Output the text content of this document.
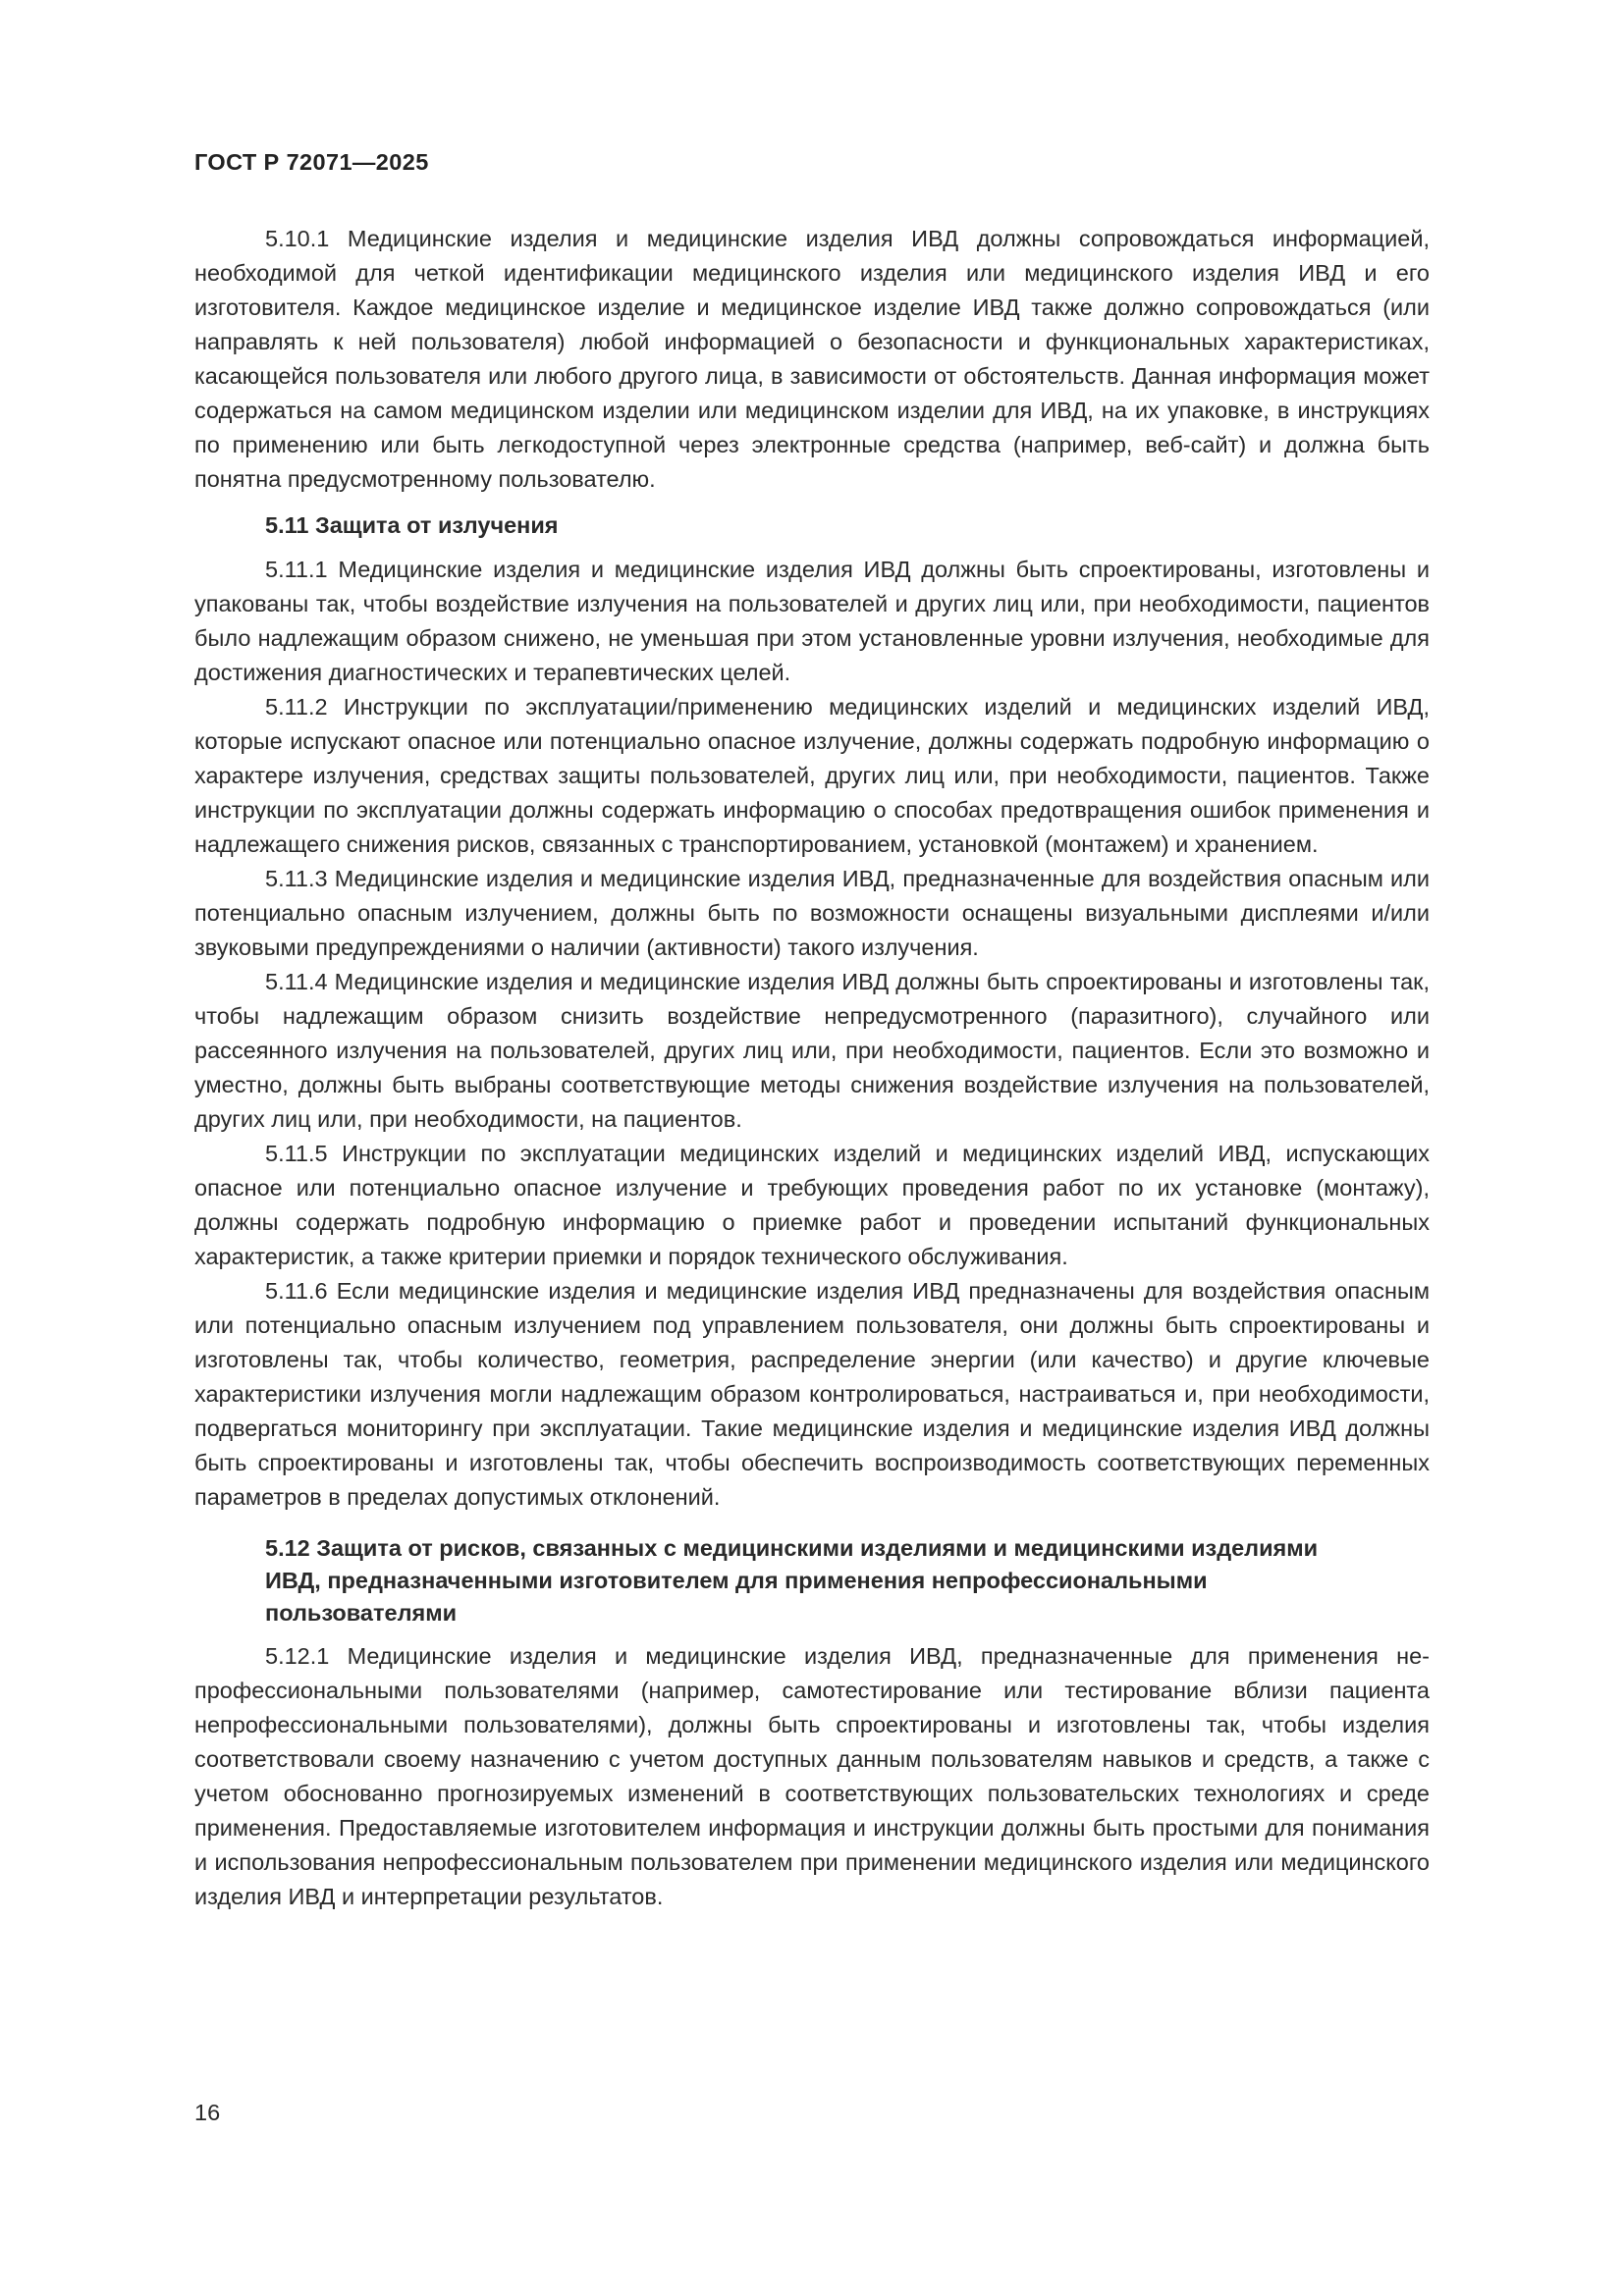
ГОСТ Р 72071—2025

5.10.1 Медицинские изделия и медицинские изделия ИВД должны сопровождаться информацией, необходимой для четкой идентификации медицинского изделия или медицинского изделия ИВД и его изготовителя. Каждое медицинское изделие и медицинское изделие ИВД также должно сопровождаться (или направлять к ней пользователя) любой информацией о безопасности и функциональных характеристиках, касающейся пользователя или любого другого лица, в зависимости от обстоятельств. Данная информация может содержаться на самом медицинском изделии или медицинском изделии для ИВД, на их упаковке, в инструкциях по применению или быть легкодоступной через электронные средства (например, веб-сайт) и должна быть понятна предусмотренному пользователю.

5.11 Защита от излучения

5.11.1 Медицинские изделия и медицинские изделия ИВД должны быть спроектированы, изготовлены и упакованы так, чтобы воздействие излучения на пользователей и других лиц или, при необходимости, пациентов было надлежащим образом снижено, не уменьшая при этом установленные уровни излучения, необходимые для достижения диагностических и терапевтических целей.

5.11.2 Инструкции по эксплуатации/применению медицинских изделий и медицинских изделий ИВД, которые испускают опасное или потенциально опасное излучение, должны содержать подробную информацию о характере излучения, средствах защиты пользователей, других лиц или, при необходимости, пациентов. Также инструкции по эксплуатации должны содержать информацию о способах предотвращения ошибок применения и надлежащего снижения рисков, связанных с транспортированием, установкой (монтажем) и хранением.

5.11.3 Медицинские изделия и медицинские изделия ИВД, предназначенные для воздействия опасным или потенциально опасным излучением, должны быть по возможности оснащены визуальными дисплеями и/или звуковыми предупреждениями о наличии (активности) такого излучения.

5.11.4 Медицинские изделия и медицинские изделия ИВД должны быть спроектированы и изготовлены так, чтобы надлежащим образом снизить воздействие непредусмотренного (паразитного), случайного или рассеянного излучения на пользователей, других лиц или, при необходимости, пациентов. Если это возможно и уместно, должны быть выбраны соответствующие методы снижения воздействие излучения на пользователей, других лиц или, при необходимости, на пациентов.

5.11.5 Инструкции по эксплуатации медицинских изделий и медицинских изделий ИВД, испускающих опасное или потенциально опасное излучение и требующих проведения работ по их установке (монтажу), должны содержать подробную информацию о приемке работ и проведении испытаний функциональных характеристик, а также критерии приемки и порядок технического обслуживания.

5.11.6 Если медицинские изделия и медицинские изделия ИВД предназначены для воздействия опасным или потенциально опасным излучением под управлением пользователя, они должны быть спроектированы и изготовлены так, чтобы количество, геометрия, распределение энергии (или качество) и другие ключевые характеристики излучения могли надлежащим образом контролироваться, настраиваться и, при необходимости, подвергаться мониторингу при эксплуатации. Такие медицинские изделия и медицинские изделия ИВД должны быть спроектированы и изготовлены так, чтобы обеспечить воспроизводимость соответствующих переменных параметров в пределах допустимых отклонений.

5.12 Защита от рисков, связанных с медицинскими изделиями и медицинскими изделиями ИВД, предназначенными изготовителем для применения непрофессиональными пользователями

5.12.1 Медицинские изделия и медицинские изделия ИВД, предназначенные для применения непрофессиональными пользователями (например, самотестирование или тестирование вблизи пациента непрофессиональными пользователями), должны быть спроектированы и изготовлены так, чтобы изделия соответствовали своему назначению с учетом доступных данным пользователям навыков и средств, а также с учетом обоснованно прогнозируемых изменений в соответствующих пользовательских технологиях и среде применения. Предоставляемые изготовителем информация и инструкции должны быть простыми для понимания и использования непрофессиональным пользователем при применении медицинского изделия или медицинского изделия ИВД и интерпретации результатов.

16
